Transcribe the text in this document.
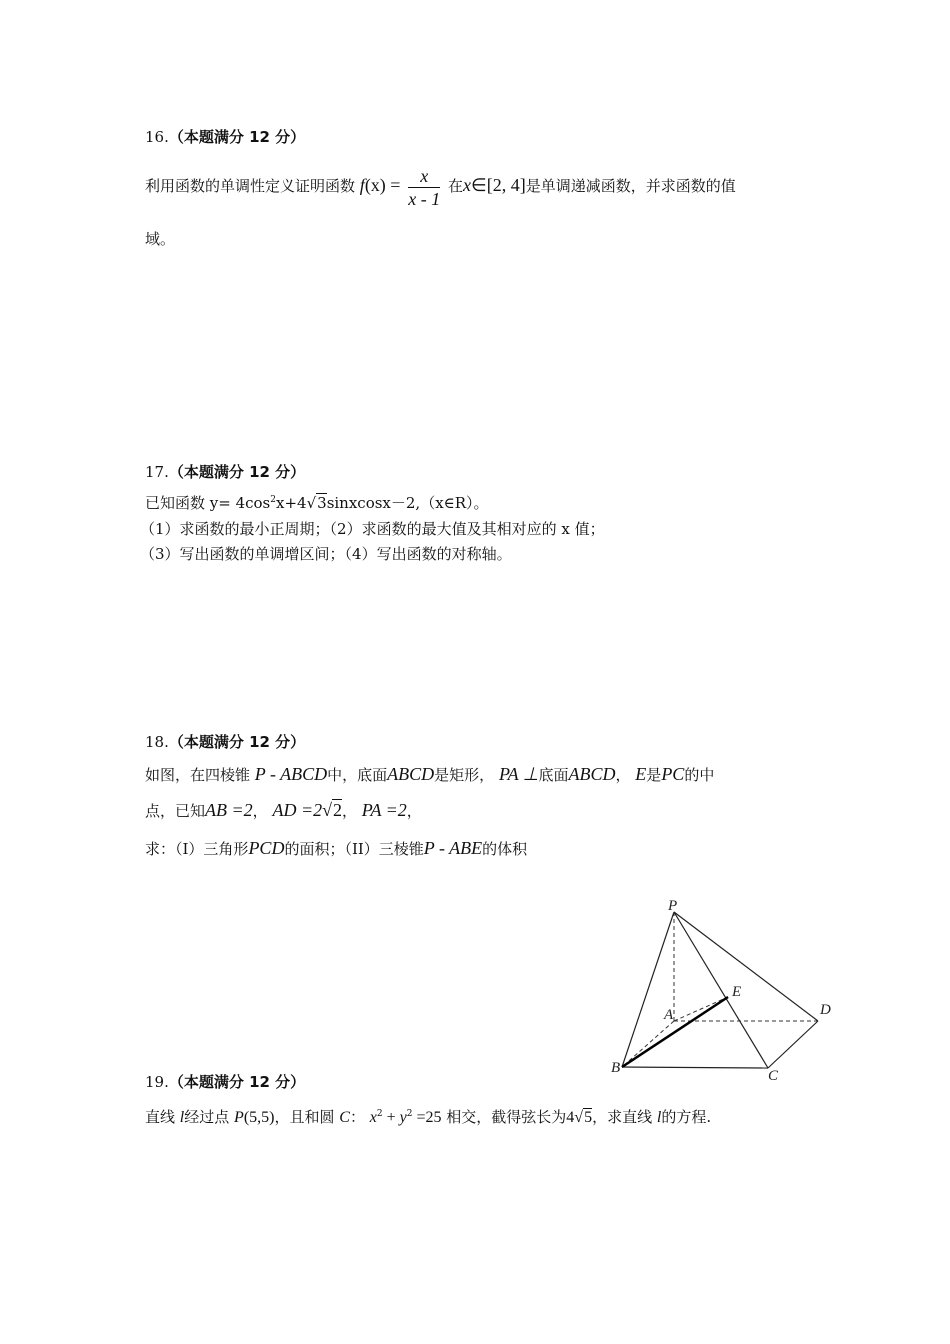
16.（本题满分 12 分）
利用函数的单调性定义证明函数 $f(x) = \frac{x}{x - 1}$ 在x∈[2, 4]是单调递减函数，并求函数的值
域。
17.（本题满分 12 分）
已知函数 $y= 4\cos^2x+4√3sinxcosx-2,(x\in R)$。
（1）求函数的最小正周期；（2）求函数的最大值及其相对应的 x 值；
（3）写出函数的单调增区间；（4）写出函数的对称轴。
18.（本题满分 12 分）
如图，在四棱锥 P - ABCD中，底面ABCD是矩形， PA ⊥底面ABCD， E是PC的中
点，已知AB =2， AD =2√2， PA =2，
求：（Ⅰ）三角形PCD的面积；（II）三棱锥P - ABE的体积
P
A
B	C
D
E
19.（本题满分 12 分）
直线 l经过点 P(5,5)，且和圆 C： $x^2 + y^2 =25$ 相交，截得弦长为4√5，求直线 l的方程.
